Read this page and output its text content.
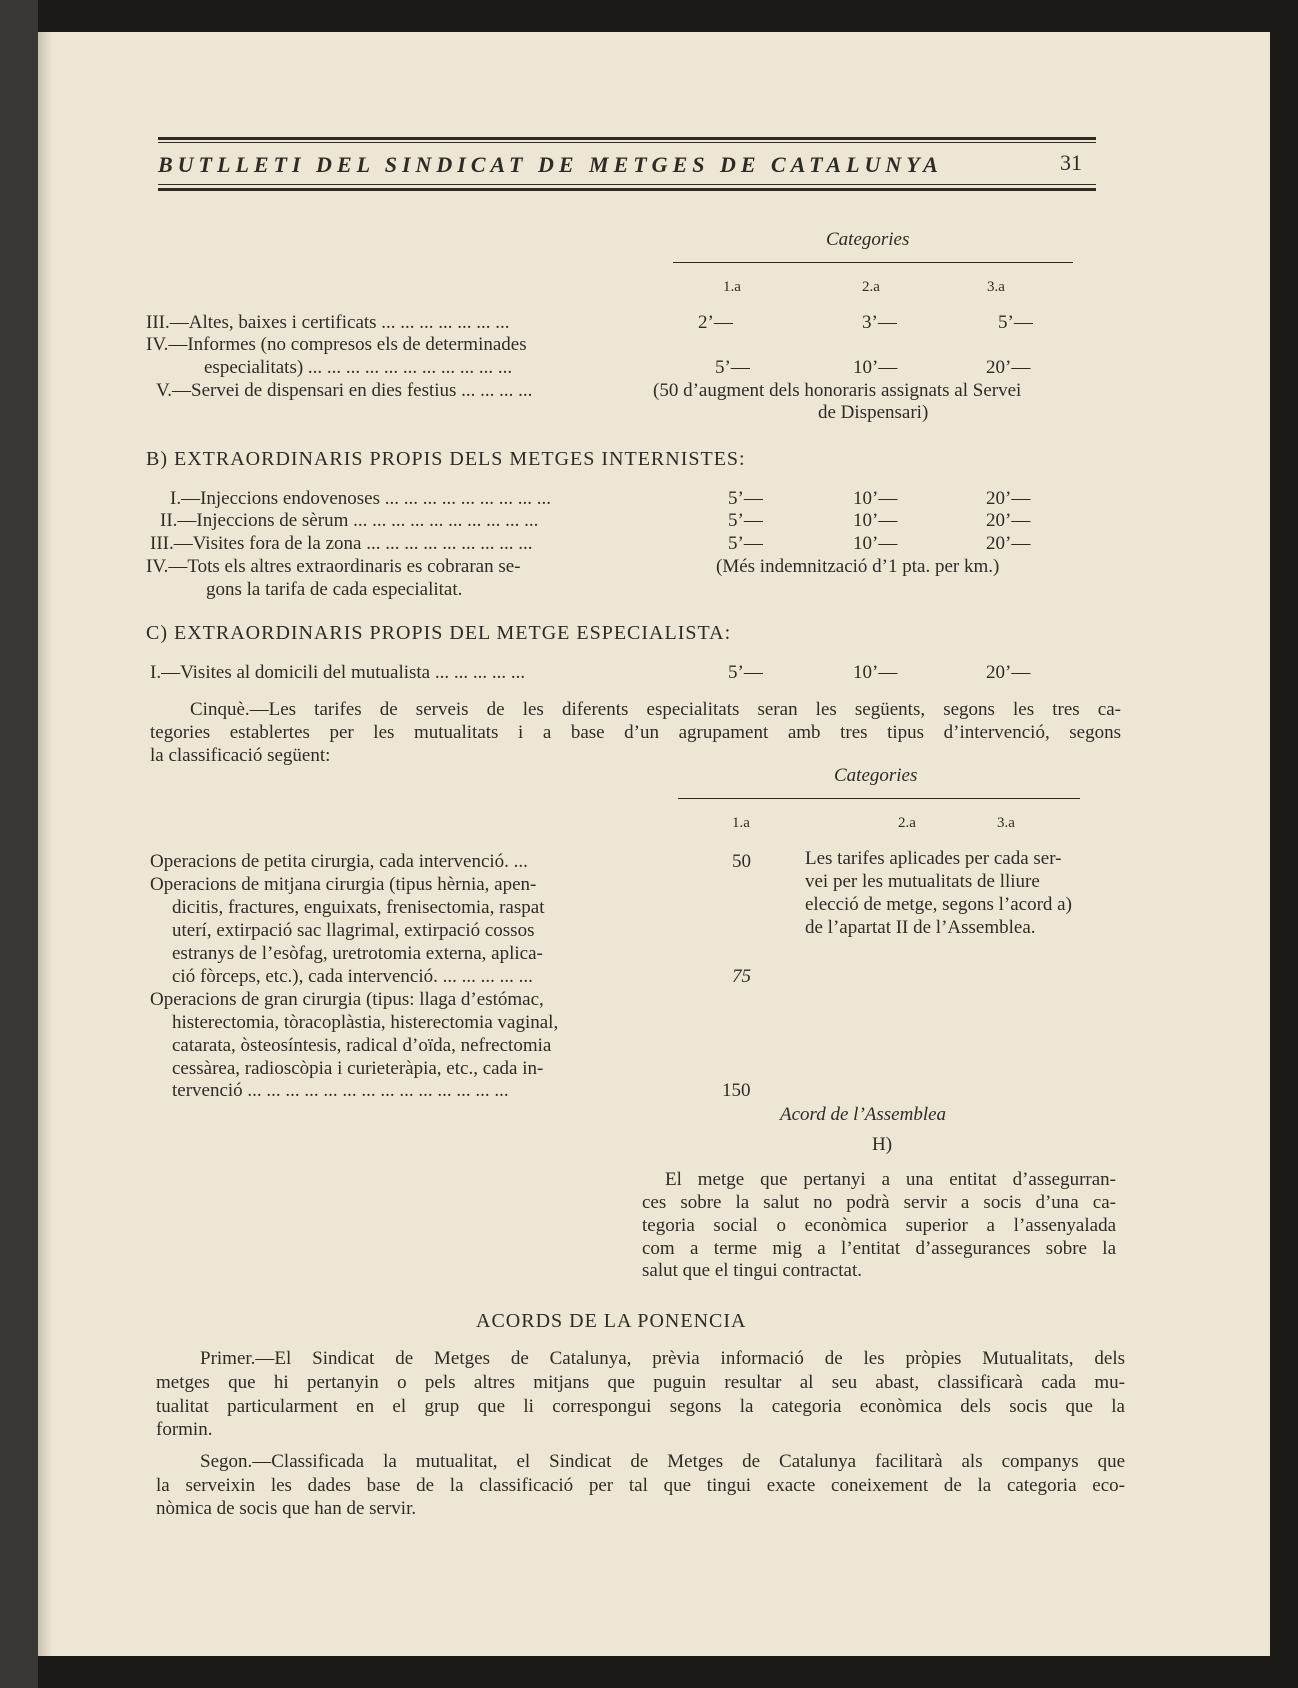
BUTLLETI DEL SINDICAT DE METGES DE CATALUNYA	31
Categories
1.a	2.a	3.a
III.—Altes, baixes i certificats ... ... ... ... ... ... ...	2’—	3’—	5’—
IV.—Informes (no compresos els de determinades
especialitats) ... ... ... ... ... ... ... ... ... ... ...	5’—	10’—	20’—
V.—Servei de dispensari en dies festius ... ... ... ...	(50 d’augment dels honoraris assignats al Servei
de Dispensari)
B) EXTRAORDINARIS PROPIS DELS METGES INTERNISTES:
I.—Injeccions endovenoses ... ... ... ... ... ... ... ... ...	5’—	10’—	20’—
II.—Injeccions de sèrum ... ... ... ... ... ... ... ... ... ...	5’—	10’—	20’—
III.—Visites fora de la zona ... ... ... ... ... ... ... ... ...	5’—	10’—	20’—
IV.—Tots els altres extraordinaris es cobraran se-
gons la tarifa de cada especialitat.
(Més indemnització d’1 pta. per km.)
C) EXTRAORDINARIS PROPIS DEL METGE ESPECIALISTA:
I.—Visites al domicili del mutualista ... ... ... ... ...	5’—	10’—	20’—
Cinquè.—Les tarifes de serveis de les diferents especialitats seran les següents, segons les tres ca-
tegories establertes per les mutualitats i a base d’un agrupament amb tres tipus d’intervenció, segons
la classificació següent:
Categories
1.a	2.a	3.a
Operacions de petita cirurgia, cada intervenció. ...	50
Operacions de mitjana cirurgia (tipus hèrnia, apen-
dicitis, fractures, enguixats, frenisectomia, raspat
uterí, extirpació sac llagrimal, extirpació cossos
estranys de l’esòfag, uretrotomia externa, aplica-
ció fòrceps, etc.), cada intervenció. ... ... ... ... ...	75
Operacions de gran cirurgia (tipus: llaga d’estómac,
histerectomia, tòracoplàstia, histerectomia vaginal,
catarata, òsteosíntesis, radical d’oïda, nefrectomia
cessàrea, radioscòpia i curieteràpia, etc., cada in-
tervenció ... ... ... ... ... ... ... ... ... ... ... ... ... ...	150
Les tarifes aplicades per cada ser-
vei per les mutualitats de lliure
elecció de metge, segons l’acord a)
de l’apartat II de l’Assemblea.
Acord de l’Assemblea
H)
El metge que pertanyi a una entitat d’assegurran-
ces sobre la salut no podrà servir a socis d’una ca-
tegoria social o econòmica superior a l’assenyalada
com a terme mig a l’entitat d’assegurances sobre la
salut que el tingui contractat.
ACORDS DE LA PONENCIA
Primer.—El Sindicat de Metges de Catalunya, prèvia informació de les pròpies Mutualitats, dels
metges que hi pertanyin o pels altres mitjans que puguin resultar al seu abast, classificarà cada mu-
tualitat particularment en el grup que li correspongui segons la categoria econòmica dels socis que la
formin.
Segon.—Classificada la mutualitat, el Sindicat de Metges de Catalunya facilitarà als companys que
la serveixin les dades base de la classificació per tal que tingui exacte coneixement de la categoria eco-
nòmica de socis que han de servir.
